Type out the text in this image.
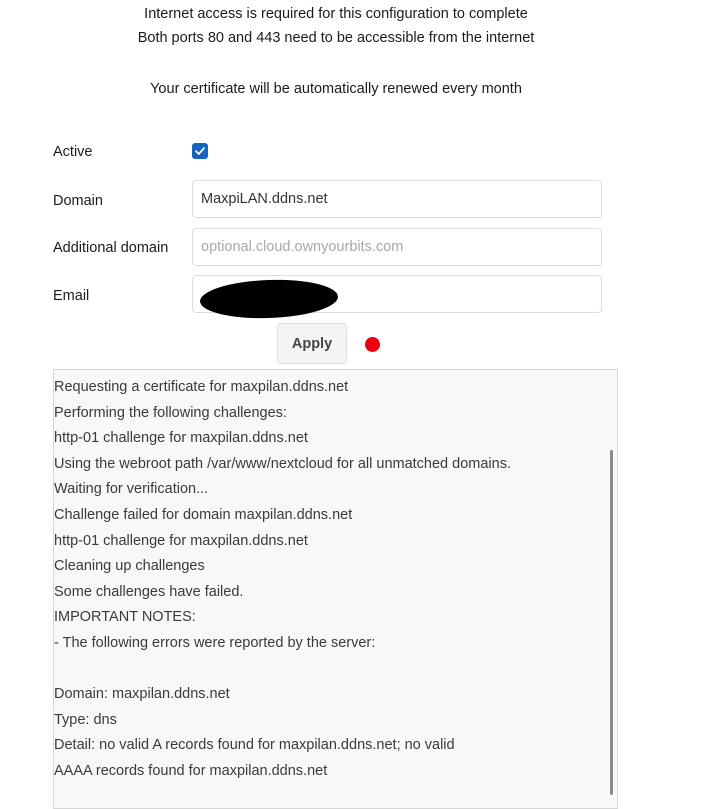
Internet access is required for this configuration to complete
Both ports 80 and 443 need to be accessible from the internet
Your certificate will be automatically renewed every month
Active
Domain
MaxpiLAN.ddns.net
Additional domain
optional.cloud.ownyourbits.com
Email
Apply
Requesting a certificate for maxpilan.ddns.net
Performing the following challenges:
http-01 challenge for maxpilan.ddns.net
Using the webroot path /var/www/nextcloud for all unmatched domains.
Waiting for verification...
Challenge failed for domain maxpilan.ddns.net
http-01 challenge for maxpilan.ddns.net
Cleaning up challenges
Some challenges have failed.
IMPORTANT NOTES:
- The following errors were reported by the server:
Domain: maxpilan.ddns.net
Type: dns
Detail: no valid A records found for maxpilan.ddns.net; no valid
AAAA records found for maxpilan.ddns.net
